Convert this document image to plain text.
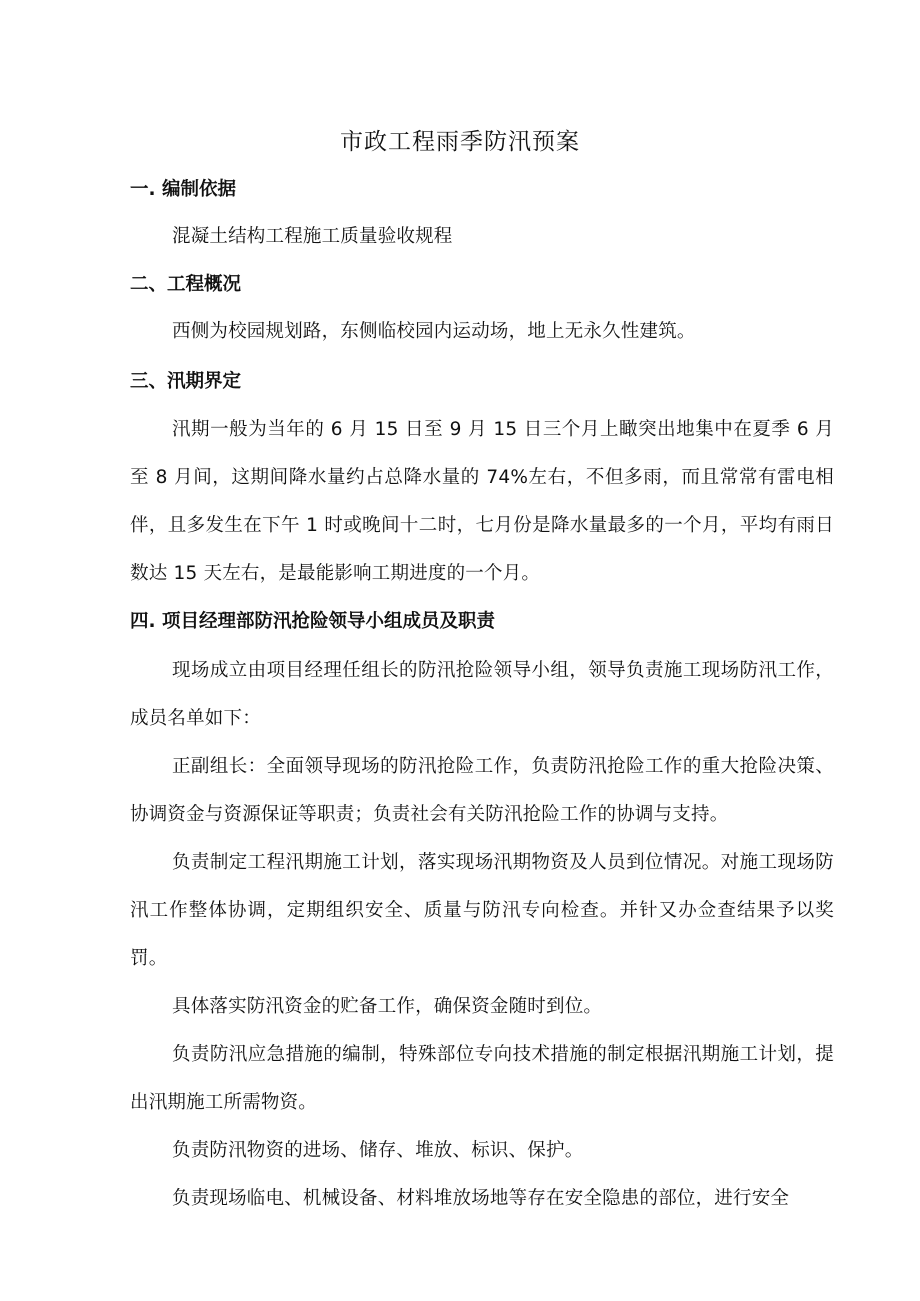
市政工程雨季防汛预案
一. 编制依据
混凝土结构工程施工质量验收规程
二、工程概况
西侧为校园规划路，东侧临校园内运动场，地上无永久性建筑。
三、汛期界定
汛期一般为当年的 6 月 15 日至 9 月 15 日三个月上瞰突出地集中在夏季 6 月至 8 月间，这期间降水量约占总降水量的 74%左右，不但多雨，而且常常有雷电相伴，且多发生在下午 1 时或晚间十二时，七月份是降水量最多的一个月，平均有雨日数达 15 天左右，是最能影响工期进度的一个月。
四. 项目经理部防汛抢险领导小组成员及职责
现场成立由项目经理任组长的防汛抢险领导小组，领导负责施工现场防汛工作，成员名单如下：
正副组长：全面领导现场的防汛抢险工作，负责防汛抢险工作的重大抢险决策、协调资金与资源保证等职责；负责社会有关防汛抢险工作的协调与支持。
负责制定工程汛期施工计划，落实现场汛期物资及人员到位情况。对施工现场防汛工作整体协调，定期组织安全、质量与防汛专向检查。并针又办佥查结果予以奖罚。
具体落实防汛资金的贮备工作，确保资金随时到位。
负责防汛应急措施的编制，特殊部位专向技术措施的制定根据汛期施工计划，提出汛期施工所需物资。
负责防汛物资的进场、储存、堆放、标识、保护。
负责现场临电、机械设备、材料堆放场地等存在安全隐患的部位，进行安全
